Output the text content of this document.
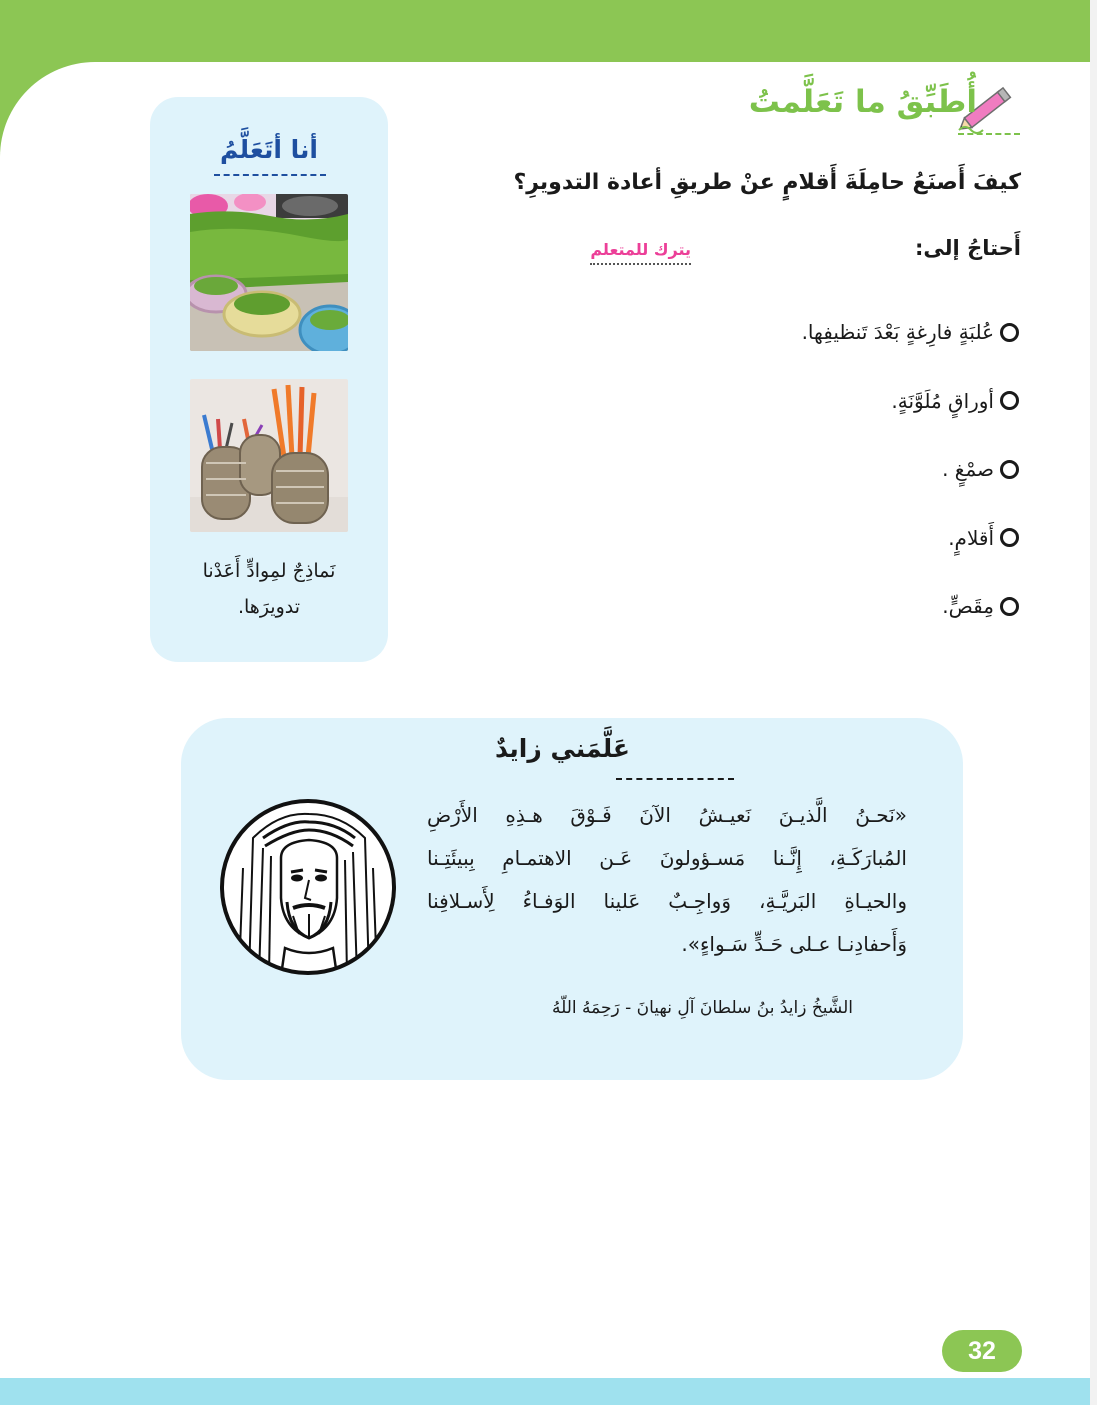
32
أُطَبِّقُ ما تَعَلَّمتُ
كيفَ أَصنَعُ حامِلَةَ أَقلامٍ عنْ طريقِ أعادة التدويرِ؟
أَحتاجُ إلى:
يترك للمتعلم
عُلبَةٍ فارِغةٍ بَعْدَ تَنظيفِها.
أوراقٍ مُلَوَّنَةٍ.
صمْغٍ .
أَقلامٍ.
مِقَصٍّ.
أنا أتَعَلَّمُ
نَماذِجٌ لمِوادٍّ أَعَدْنا
تدويرَها.
عَلَّمَني زايدٌ
«نَحـنُ الَّذيـنَ نَعيـشُ الآنَ فَـوْقَ هـذِهِ الأَرْضِ
المُبارَكَـةِ، إِنَّـنا مَسـؤولونَ عَـن الاهتمـامِ بِبيئَتِـنا
والحيـاةِ البَريَّـةِ، وَواجِـبٌ عَلينا الوَفـاءُ لِأَسـلافِنا
وَأَحفادِنـا عـلى حَـدٍّ سَـواءٍ».
الشَّيخُ زايدُ بنُ سلطانَ آلِ نهيانَ - رَحِمَهُ اللّهُ
